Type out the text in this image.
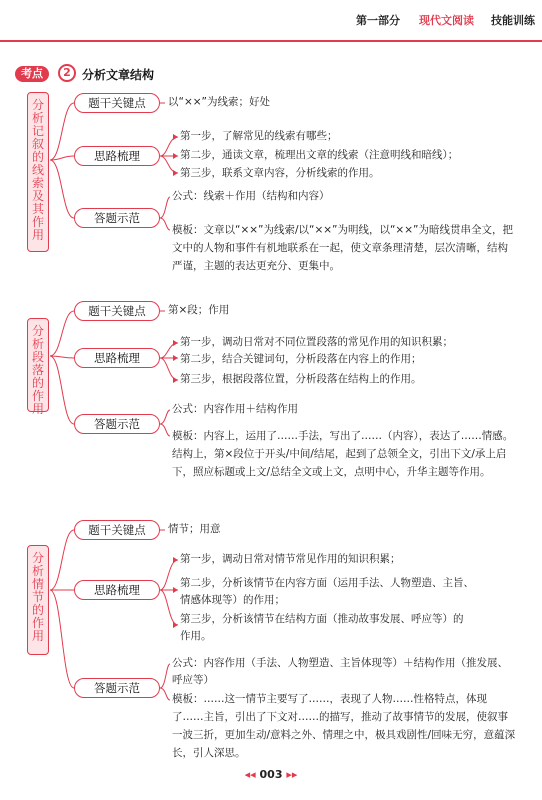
第一部分 现代文阅读 技能训练
考点	2 分析文章结构
分析记叙的线索及其作用
题干关键点
思路梳理
答题示范
以“××”为线索；好处
第一步，了解常见的线索有哪些；
第二步，通读文章，梳理出文章的线索（注意明线和暗线）；
第三步，联系文章内容，分析线索的作用。
公式：线索＋作用（结构和内容）
模板：文章以“××”为线索/以“××”为明线，以“××”为暗线贯串全文，把文中的人物和事件有机地联系在一起，使文章条理清楚，层次清晰，结构严谨，主题的表达更充分、更集中。
分析段落的作用
题干关键点
思路梳理
答题示范
第×段；作用
第一步，调动日常对不同位置段落的常见作用的知识积累；
第二步，结合关键词句，分析段落在内容上的作用；
第三步，根据段落位置，分析段落在结构上的作用。
公式：内容作用＋结构作用
模板：内容上，运用了……手法，写出了……（内容），表达了……情感。结构上，第×段位于开头/中间/结尾，起到了总领全文，引出下文/承上启下，照应标题或上文/总结全文或上文，点明中心，升华主题等作用。
分析情节的作用
题干关键点
思路梳理
答题示范
情节；用意
第一步，调动日常对情节常见作用的知识积累；
第二步，分析该情节在内容方面（运用手法、人物塑造、主旨、情感体现等）的作用；
第三步，分析该情节在结构方面（推动故事发展、呼应等）的作用。
公式：内容作用（手法、人物塑造、主旨体现等）＋结构作用（推发展、呼应等）
模板：……这一情节主要写了……，表现了人物……性格特点，体现了……主旨，引出了下文对……的描写，推动了故事情节的发展，使叙事一波三折，更加生动/意料之外、情理之中，极具戏剧性/回味无穷，意蕴深长，引人深思。
◂◂ 003 ▸▸
